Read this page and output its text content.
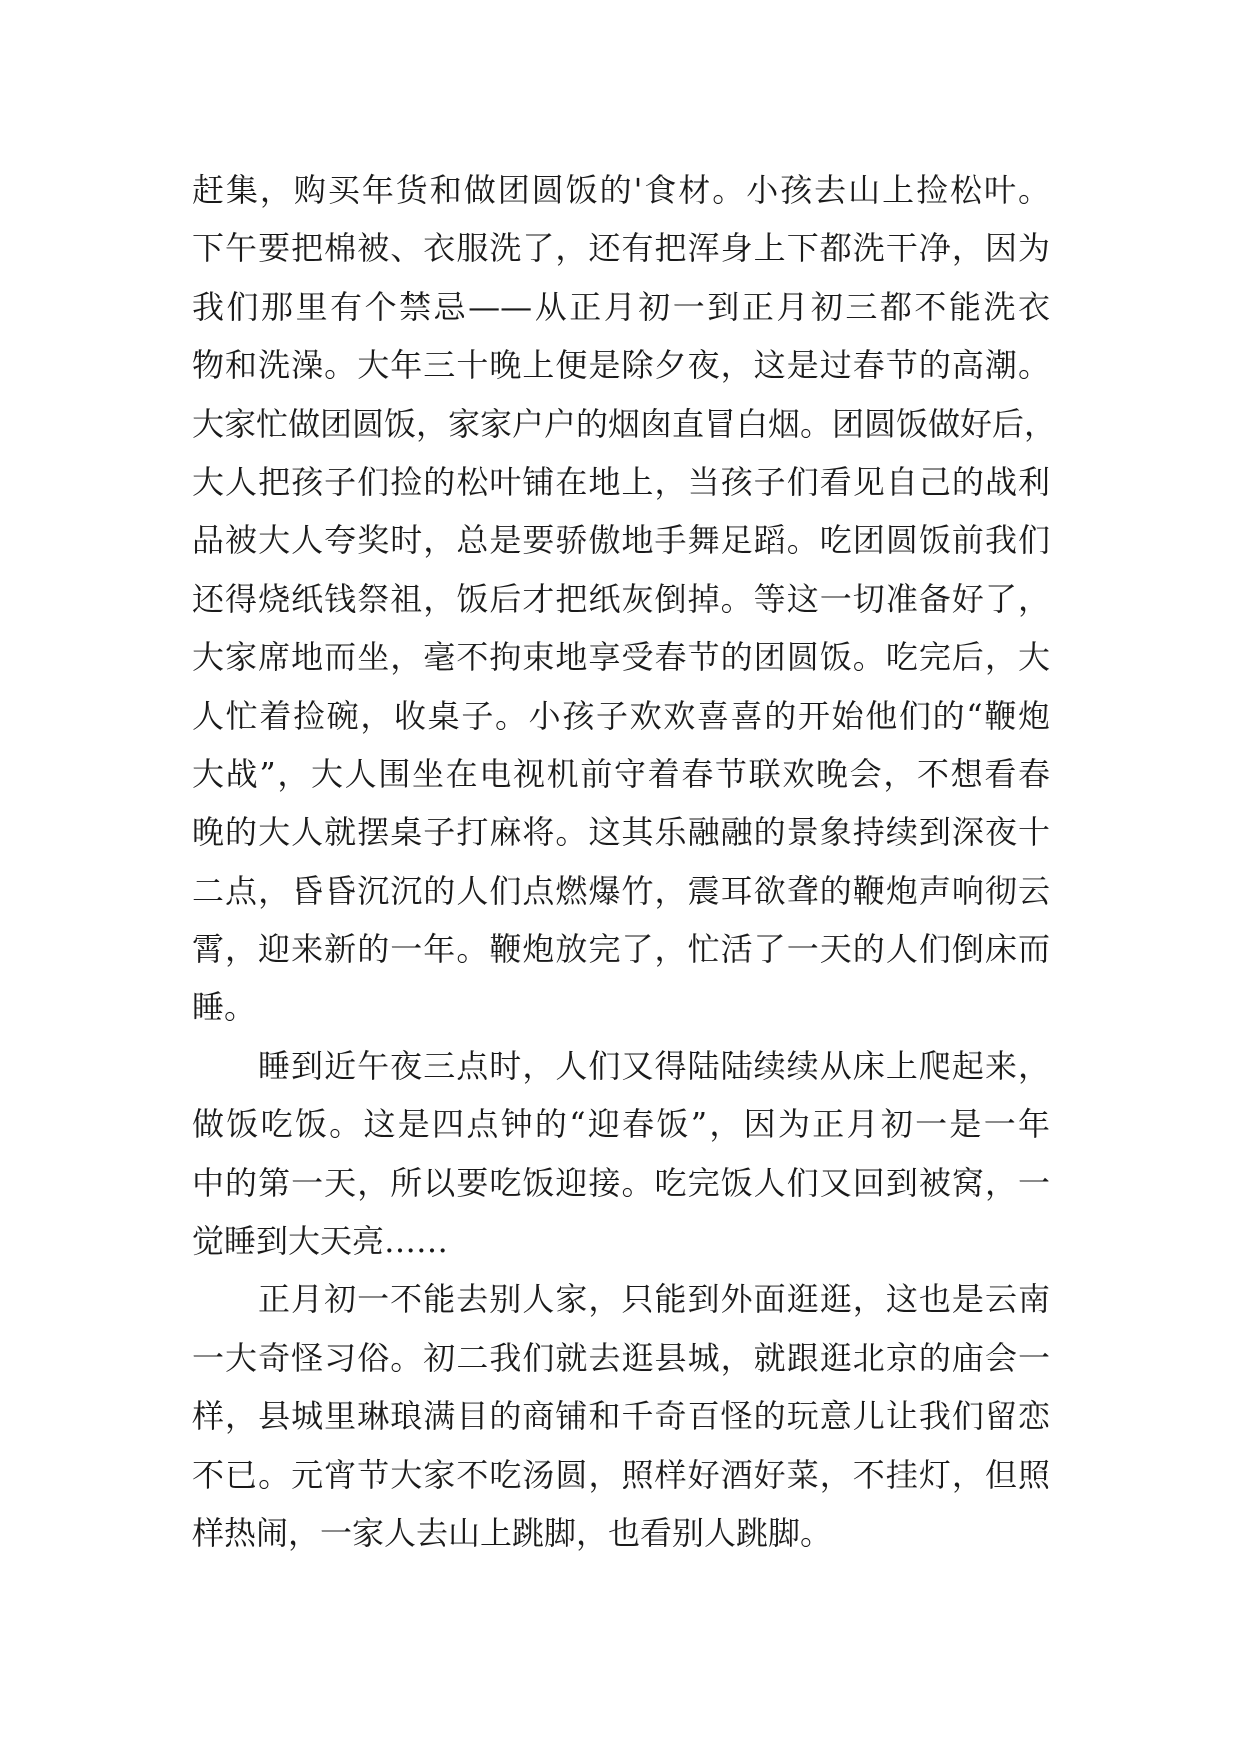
赶集，购买年货和做团圆饭的'食材。小孩去山上捡松叶。
下午要把棉被、衣服洗了，还有把浑身上下都洗干净，因为
我们那里有个禁忌——从正月初一到正月初三都不能洗衣
物和洗澡。大年三十晚上便是除夕夜，这是过春节的高潮。
大家忙做团圆饭，家家户户的烟囱直冒白烟。团圆饭做好后，
大人把孩子们捡的松叶铺在地上，当孩子们看见自己的战利
品被大人夸奖时，总是要骄傲地手舞足蹈。吃团圆饭前我们
还得烧纸钱祭祖，饭后才把纸灰倒掉。等这一切准备好了，
大家席地而坐，毫不拘束地享受春节的团圆饭。吃完后，大
人忙着捡碗，收桌子。小孩子欢欢喜喜的开始他们的“鞭炮
大战”，大人围坐在电视机前守着春节联欢晚会，不想看春
晚的大人就摆桌子打麻将。这其乐融融的景象持续到深夜十
二点，昏昏沉沉的人们点燃爆竹，震耳欲聋的鞭炮声响彻云
霄，迎来新的一年。鞭炮放完了，忙活了一天的人们倒床而
睡。
睡到近午夜三点时，人们又得陆陆续续从床上爬起来，
做饭吃饭。这是四点钟的“迎春饭”，因为正月初一是一年
中的第一天，所以要吃饭迎接。吃完饭人们又回到被窝，一
觉睡到大天亮……
正月初一不能去别人家，只能到外面逛逛，这也是云南
一大奇怪习俗。初二我们就去逛县城，就跟逛北京的庙会一
样，县城里琳琅满目的商铺和千奇百怪的玩意儿让我们留恋
不已。元宵节大家不吃汤圆，照样好酒好菜，不挂灯，但照
样热闹，一家人去山上跳脚，也看别人跳脚。
